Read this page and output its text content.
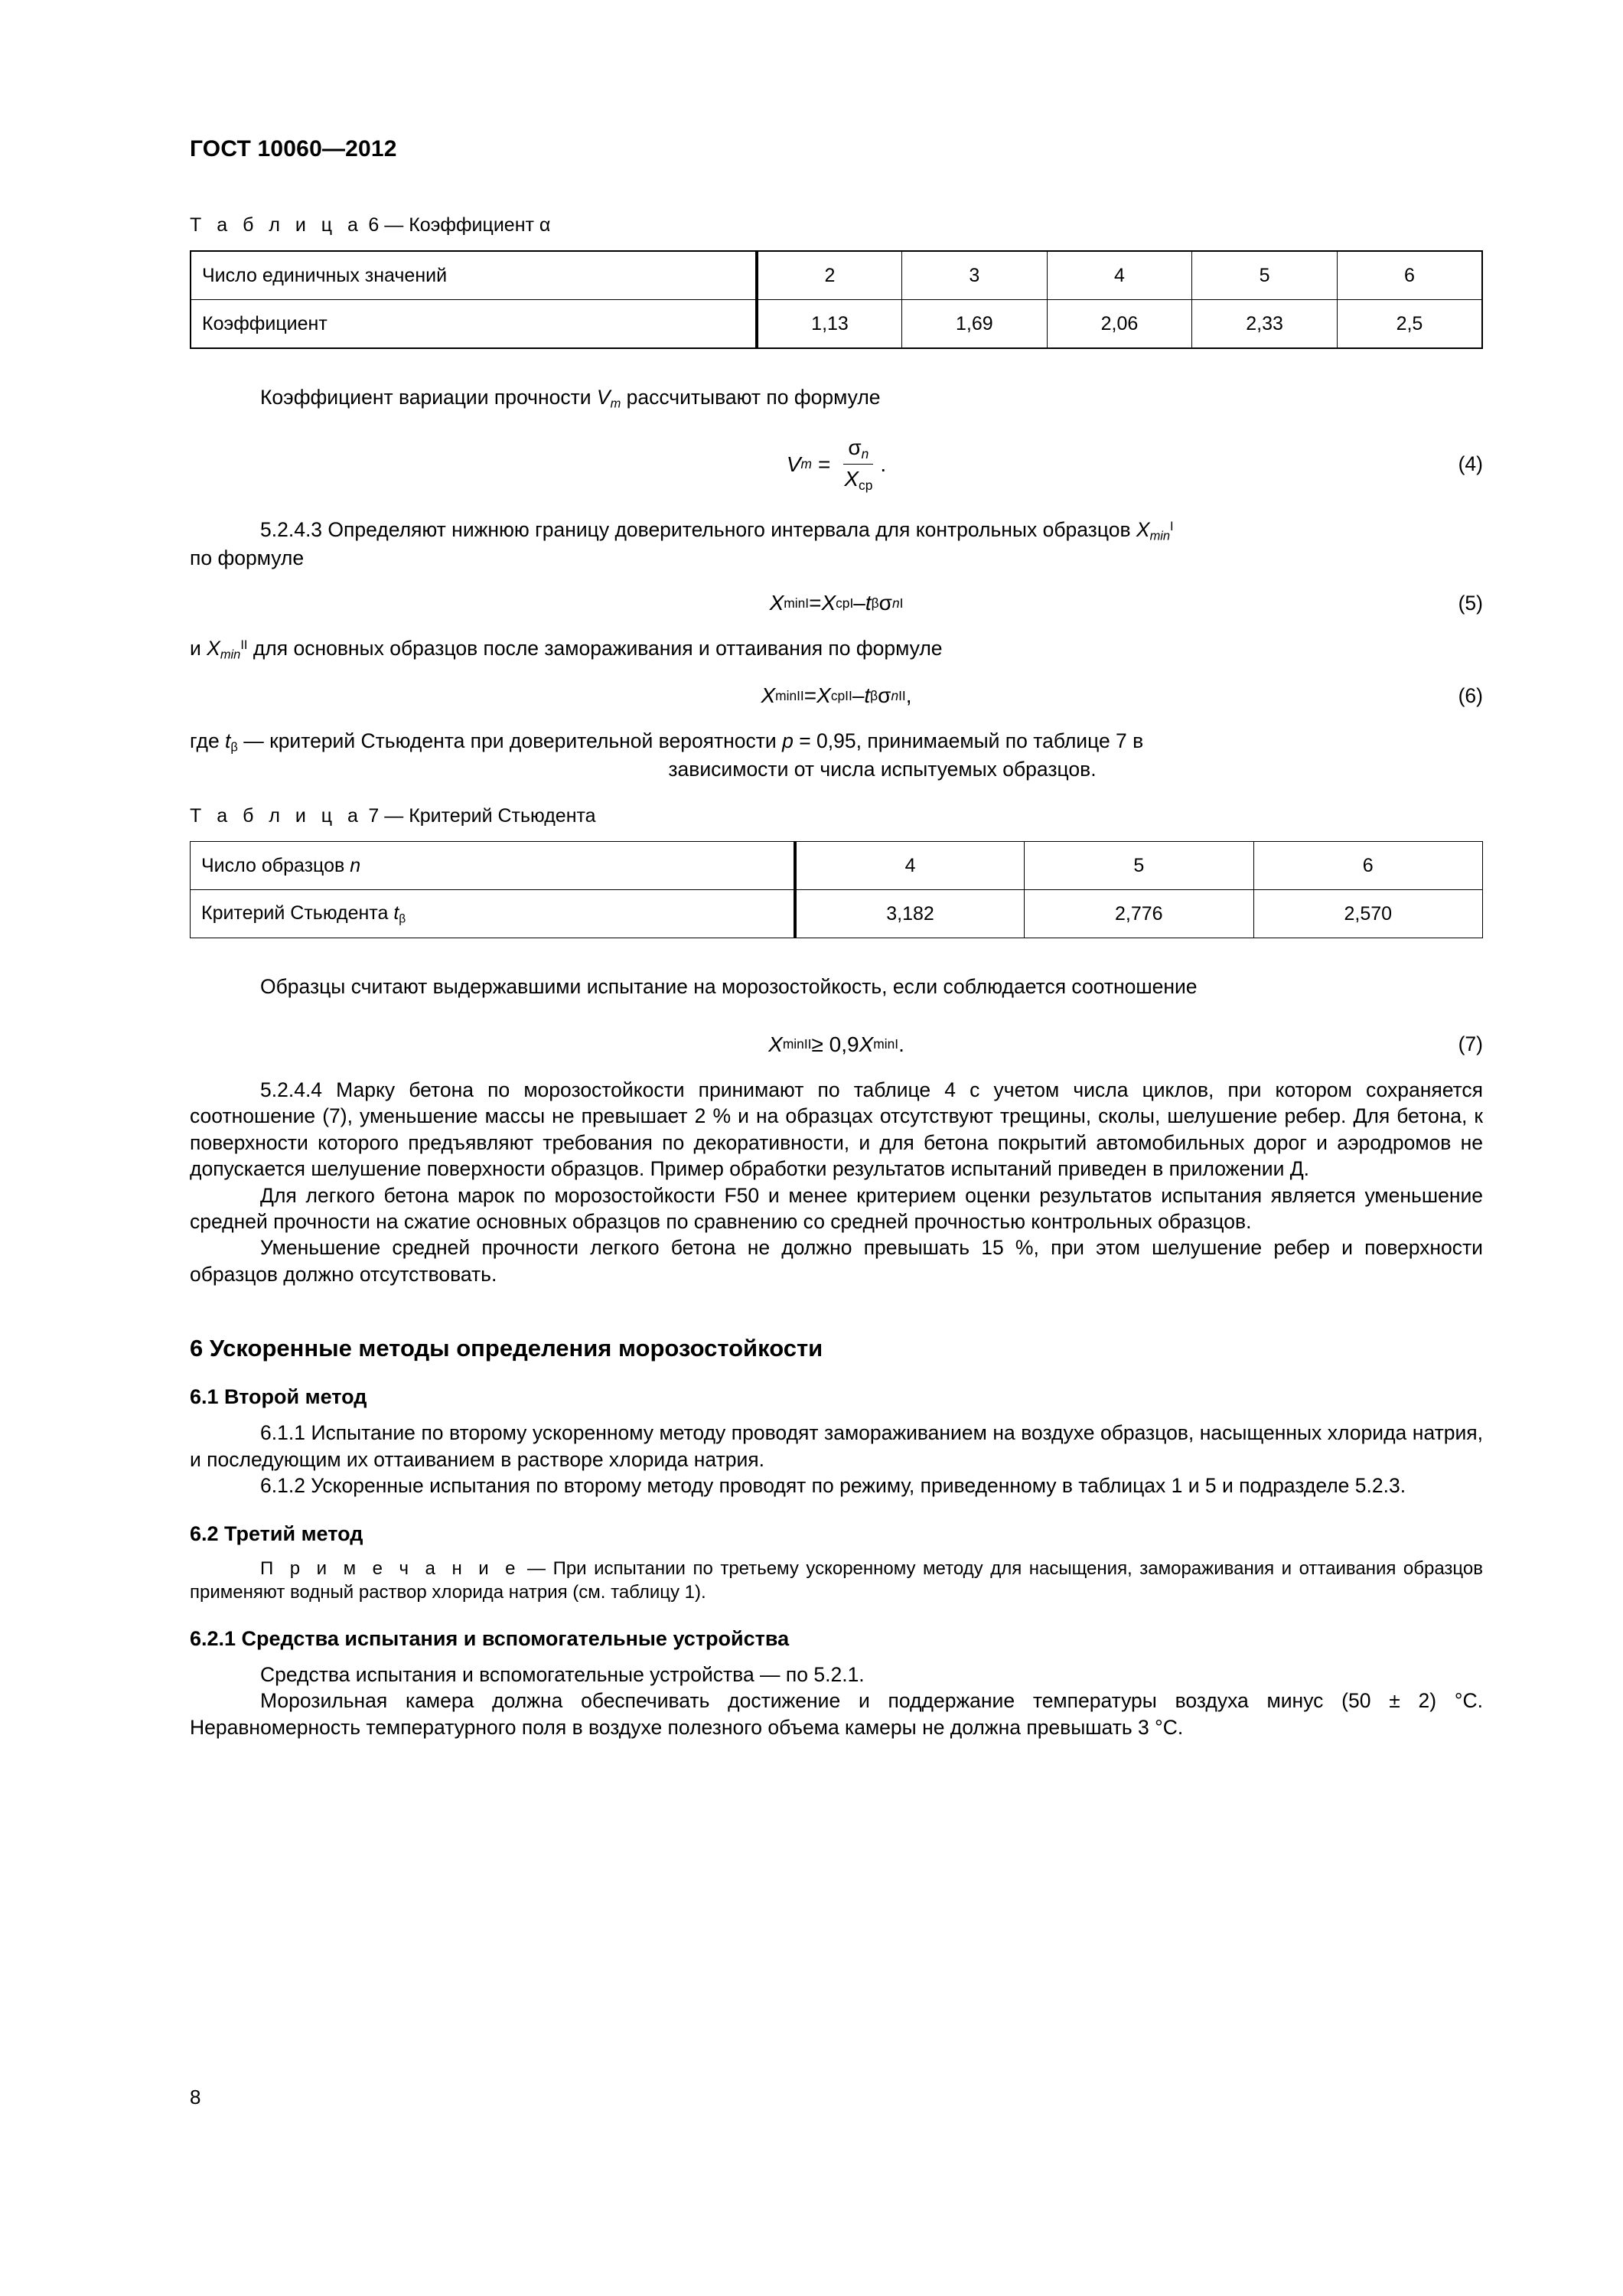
ГОСТ 10060—2012
Т а б л и ц а 6 — Коэффициент α
Число единичных значений	2	3	4	5	6
Коэффициент	1,13	1,69	2,06	2,33	2,5

Коэффициент вариации прочности $V_m$ рассчитывают по формуле

V $m = \frac{\sigma_n}{X_{ср}}$ .	(4)

5.2.4.3 Определяют нижнюю границу доверительного интервала для контрольных образцов $X_{min}^I$
по формуле

X min I = X ср I – t β σ n I	(5)

и $X_{min}^{II}$ для основных образцов после замораживания и оттаивания по формуле

X min II = X ср II – t β σ n II ,	(6)

где $t_\beta$ — критерий Стьюдента при доверительной вероятности p = 0,95, принимаемый по таблице 7 в

зависимости от числа испытуемых образцов.

Т а б л и ц а 7 — Критерий Стьюдента
Число образцов n	4	5	6
Критерий Стьюдента $t_\beta$	3,182	2,776	2,570

Образцы считают выдержавшими испытание на морозостойкость, если соблюдается соотношение

X min II ≥ 0,9 X min I .	(7)

5.2.4.4 Марку бетона по морозостойкости принимают по таблице 4 с учетом числа циклов, при котором сохраняется соотношение (7), уменьшение массы не превышает 2 % и на образцах отсутствуют трещины, сколы, шелушение ребер. Для бетона, к поверхности которого предъявляют требования по декоративности, и для бетона покрытий автомобильных дорог и аэродромов не допускается шелушение поверхности образцов. Пример обработки результатов испытаний приведен в приложении Д.

Для легкого бетона марок по морозостойкости F50 и менее критерием оценки результатов испытания является уменьшение средней прочности на сжатие основных образцов по сравнению со средней прочностью контрольных образцов.

Уменьшение средней прочности легкого бетона не должно превышать 15 %, при этом шелушение ребер и поверхности образцов должно отсутствовать.

6 Ускоренные методы определения морозостойкости
6.1 Второй метод

6.1.1 Испытание по второму ускоренному методу проводят замораживанием на воздухе образцов, насыщенных хлорида натрия, и последующим их оттаиванием в растворе хлорида натрия.

6.1.2 Ускоренные испытания по второму методу проводят по режиму, приведенному в таблицах 1 и 5 и подразделе 5.2.3.

6.2 Третий метод

П р и м е ч а н и е — При испытании по третьему ускоренному методу для насыщения, замораживания и оттаивания образцов применяют водный раствор хлорида натрия (см. таблицу 1).

6.2.1 Средства испытания и вспомогательные устройства

Средства испытания и вспомогательные устройства — по 5.2.1.

Морозильная камера должна обеспечивать достижение и поддержание температуры воздуха минус (50 ± 2) °С. Неравномерность температурного поля в воздухе полезного объема камеры не должна превышать 3 °С.

8
